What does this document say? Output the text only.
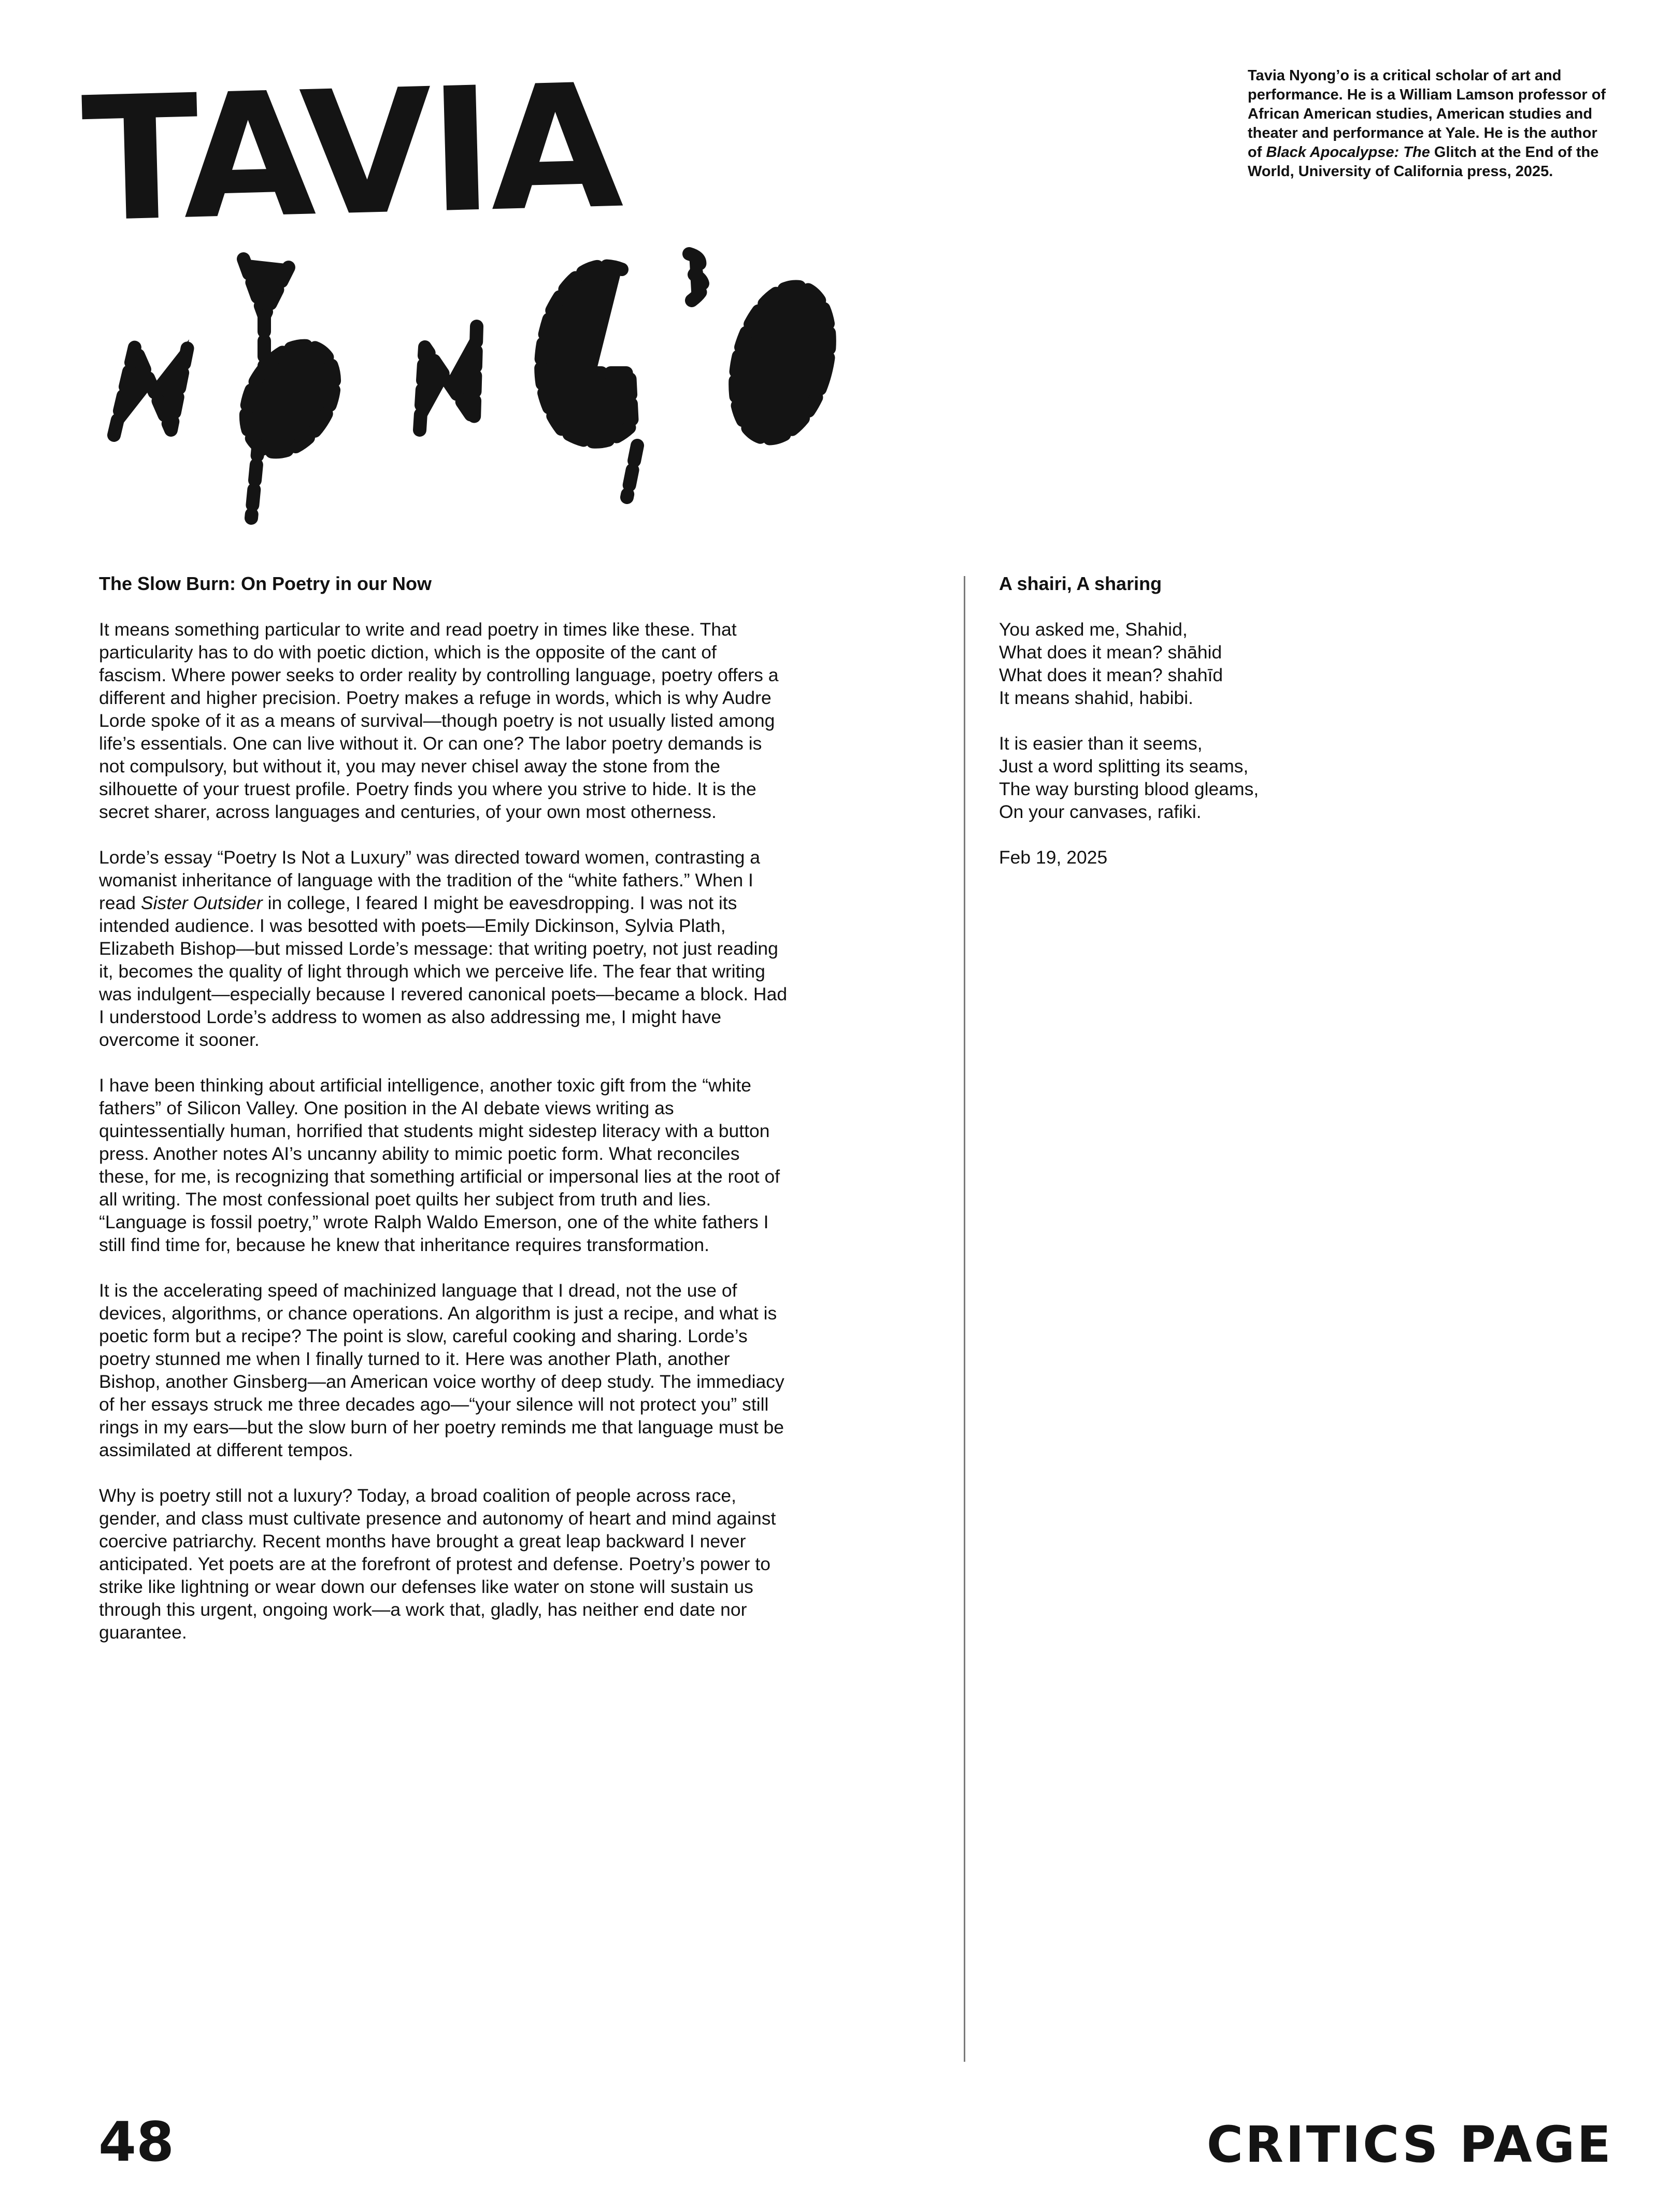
TAVIA	Tavia Nyong’o is a critical scholar of art and performance. He is a William Lamson professor of African American studies, American studies and theater and performance at Yale. He is the author of Black Apocalypse: The Glitch at the End of the World, University of California press, 2025.
The Slow Burn: On Poetry in our Now

It means something particular to write and read poetry in times like these. That particularity has to do with poetic diction, which is the opposite of the cant of fascism. Where power seeks to order reality by controlling language, poetry offers a different and higher precision. Poetry makes a refuge in words, which is why Audre Lorde spoke of it as a means of survival—though poetry is not usually listed among life’s essentials. One can live without it. Or can one? The labor poetry demands is not compulsory, but without it, you may never chisel away the stone from the silhouette of your truest profile. Poetry finds you where you strive to hide. It is the secret sharer, across languages and centuries, of your own most otherness.

Lorde’s essay “Poetry Is Not a Luxury” was directed toward women, contrasting a womanist inheritance of language with the tradition of the “white fathers.” When I read Sister Outsider in college, I feared I might be eavesdropping. I was not its intended audience. I was besotted with poets—Emily Dickinson, Sylvia Plath, Elizabeth Bishop—but missed Lorde’s message: that writing poetry, not just reading it, becomes the quality of light through which we perceive life. The fear that writing was indulgent—especially because I revered canonical poets—became a block. Had I understood Lorde’s address to women as also addressing me, I might have overcome it sooner.

I have been thinking about artificial intelligence, another toxic gift from the “white fathers” of Silicon Valley. One position in the AI debate views writing as quintessentially human, horrified that students might sidestep literacy with a button press. Another notes AI’s uncanny ability to mimic poetic form. What reconciles these, for me, is recognizing that something artificial or impersonal lies at the root of all writing. The most confessional poet quilts her subject from truth and lies. “Language is fossil poetry,” wrote Ralph Waldo Emerson, one of the white fathers I still find time for, because he knew that inheritance requires transformation.

It is the accelerating speed of machinized language that I dread, not the use of devices, algorithms, or chance operations. An algorithm is just a recipe, and what is poetic form but a recipe? The point is slow, careful cooking and sharing. Lorde’s poetry stunned me when I finally turned to it. Here was another Plath, another Bishop, another Ginsberg—an American voice worthy of deep study. The immediacy of her essays struck me three decades ago—“your silence will not protect you” still rings in my ears—but the slow burn of her poetry reminds me that language must be assimilated at different tempos.

Why is poetry still not a luxury? Today, a broad coalition of people across race, gender, and class must cultivate presence and autonomy of heart and mind against coercive patriarchy. Recent months have brought a great leap backward I never anticipated. Yet poets are at the forefront of protest and defense. Poetry’s power to strike like lightning or wear down our defenses like water on stone will sustain us through this urgent, ongoing work—a work that, gladly, has neither end date nor guarantee.

A shairi, A sharing
You asked me, Shahid,
What does it mean? shāhid
What does it mean? shahīd
It means shahid, habibi.
It is easier than it seems,
Just a word splitting its seams,
The way bursting blood gleams,
On your canvases, rafiki.

Feb 19, 2025

48	CRITICS PAGE
